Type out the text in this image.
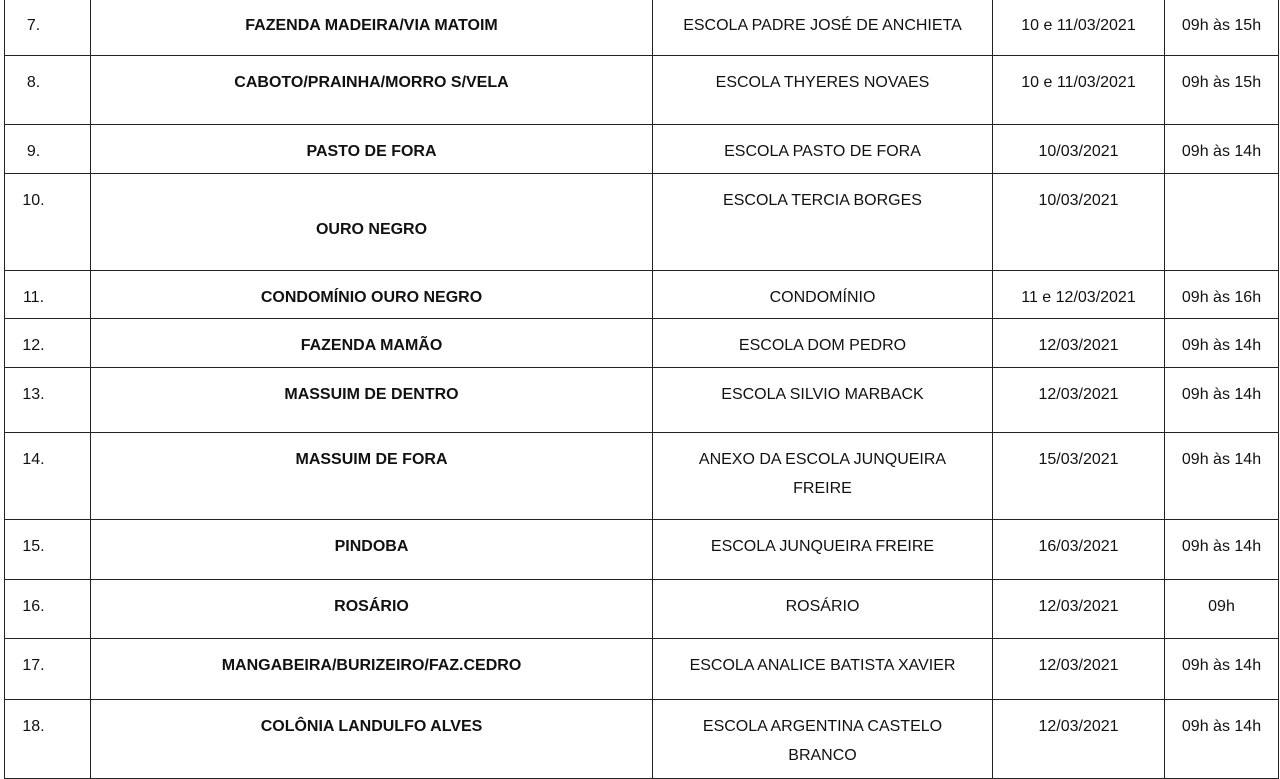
7.	FAZENDA MADEIRA/VIA MATOIM	ESCOLA PADRE JOSÉ DE ANCHIETA	10 e 11/03/2021	09h às 15h
8.	CABOTO/PRAINHA/MORRO S/VELA	ESCOLA THYERES NOVAES	10 e 11/03/2021	09h às 15h
9.	PASTO DE FORA	ESCOLA PASTO DE FORA	10/03/2021	09h às 14h
10.	OURO NEGRO	ESCOLA TERCIA BORGES	10/03/2021	
11.	CONDOMÍNIO OURO NEGRO	CONDOMÍNIO	11 e 12/03/2021	09h às 16h
12.	FAZENDA MAMÃO	ESCOLA DOM PEDRO	12/03/2021	09h às 14h
13.	MASSUIM DE DENTRO	ESCOLA SILVIO MARBACK	12/03/2021	09h às 14h
14.	MASSUIM DE FORA	ANEXO DA ESCOLA JUNQUEIRA FREIRE	15/03/2021	09h às 14h
15.	PINDOBA	ESCOLA JUNQUEIRA FREIRE	16/03/2021	09h às 14h
16.	ROSÁRIO	ROSÁRIO	12/03/2021	09h
17.	MANGABEIRA/BURIZEIRO/FAZ.CEDRO	ESCOLA ANALICE BATISTA XAVIER	12/03/2021	09h às 14h
18.	COLÔNIA LANDULFO ALVES	ESCOLA ARGENTINA CASTELO BRANCO	12/03/2021	09h às 14h
